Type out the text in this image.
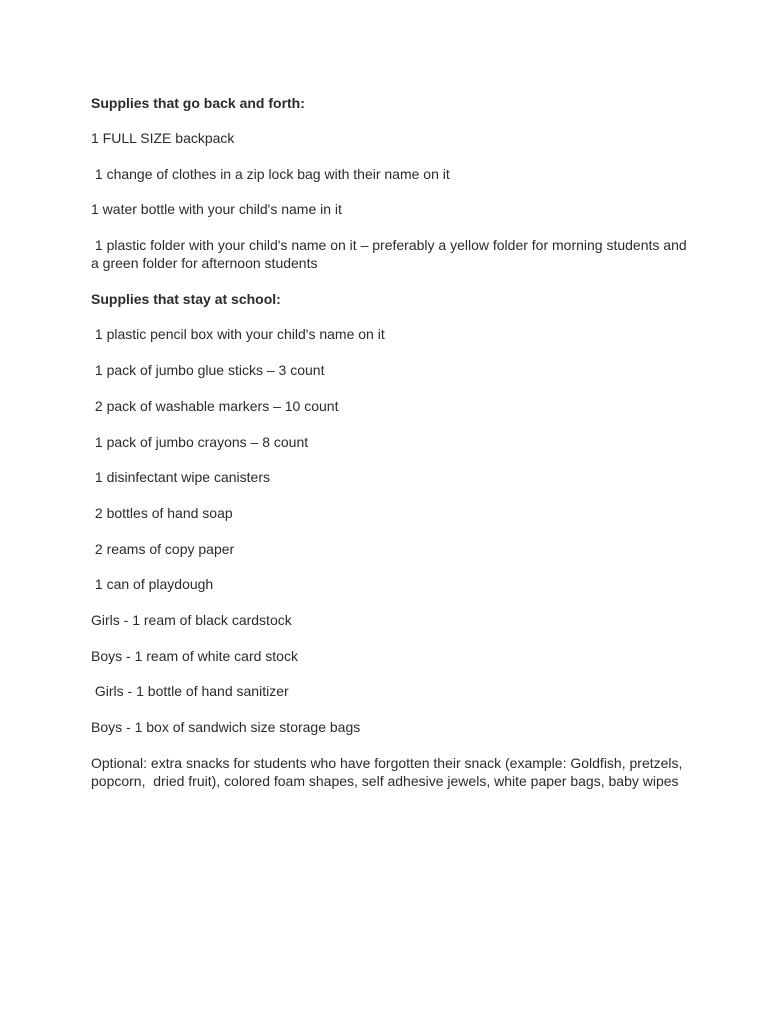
Supplies that go back and forth:
1 FULL SIZE backpack
1 change of clothes in a zip lock bag with their name on it
1 water bottle with your child's name in it
1 plastic folder with your child's name on it – preferably a yellow folder for morning students and a green folder for afternoon students
Supplies that stay at school:
1 plastic pencil box with your child's name on it
1 pack of jumbo glue sticks – 3 count
2 pack of washable markers – 10 count
1 pack of jumbo crayons – 8 count
1 disinfectant wipe canisters
2 bottles of hand soap
2 reams of copy paper
1 can of playdough
Girls - 1 ream of black cardstock
Boys - 1 ream of white card stock
Girls - 1 bottle of hand sanitizer
Boys - 1 box of sandwich size storage bags
Optional: extra snacks for students who have forgotten their snack (example: Goldfish, pretzels, popcorn,  dried fruit), colored foam shapes, self adhesive jewels, white paper bags, baby wipes
